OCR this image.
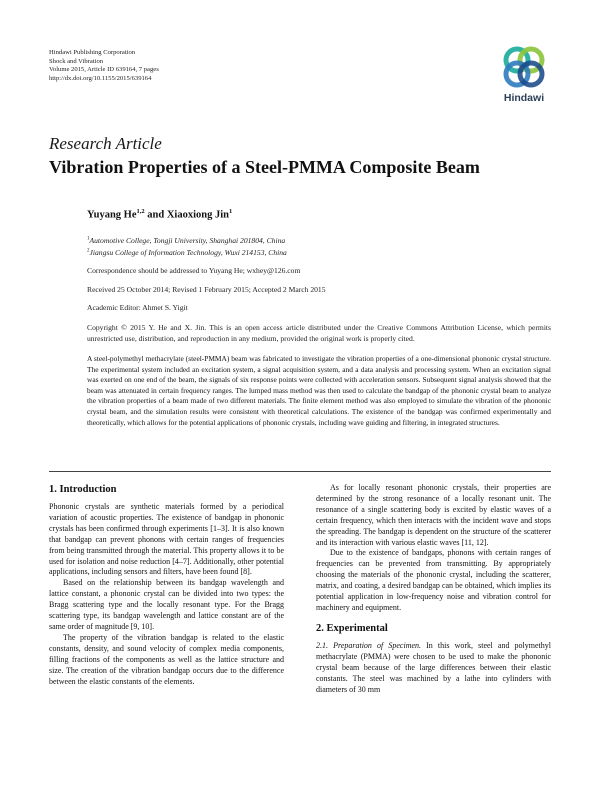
Hindawi Publishing Corporation
Shock and Vibration
Volume 2015, Article ID 639164, 7 pages
http://dx.doi.org/10.1155/2015/639164
Hindawi
Research Article
Vibration Properties of a Steel-PMMA Composite Beam
Yuyang He$^{1,2}$ and Xiaoxiong Jin$^1$
$^1$Automotive College, Tongji University, Shanghai 201804, China
$^2$Jiangsu College of Information Technology, Wuxi 214153, China
Correspondence should be addressed to Yuyang He; wxhey@126.com
Received 25 October 2014; Revised 1 February 2015; Accepted 2 March 2015
Academic Editor: Ahmet S. Yigit
Copyright © 2015 Y. He and X. Jin. This is an open access article distributed under the Creative Commons Attribution License, which permits unrestricted use, distribution, and reproduction in any medium, provided the original work is properly cited.
A steel-polymethyl methacrylate (steel-PMMA) beam was fabricated to investigate the vibration properties of a one-dimensional phononic crystal structure. The experimental system included an excitation system, a signal acquisition system, and a data analysis and processing system. When an excitation signal was exerted on one end of the beam, the signals of six response points were collected with acceleration sensors. Subsequent signal analysis showed that the beam was attenuated in certain frequency ranges. The lumped mass method was then used to calculate the bandgap of the phononic crystal beam to analyze the vibration properties of a beam made of two different materials. The finite element method was also employed to simulate the vibration of the phononic crystal beam, and the simulation results were consistent with theoretical calculations. The existence of the bandgap was confirmed experimentally and theoretically, which allows for the potential applications of phononic crystals, including wave guiding and filtering, in integrated structures.
1. Introduction

Phononic crystals are synthetic materials formed by a periodical variation of acoustic properties. The existence of bandgap in phononic crystals has been confirmed through experiments [1–3]. It is also known that bandgap can prevent phonons with certain ranges of frequencies from being transmitted through the material. This property allows it to be used for isolation and noise reduction [4–7]. Additionally, other potential applications, including sensors and filters, have been found [8].

Based on the relationship between its bandgap wavelength and lattice constant, a phononic crystal can be divided into two types: the Bragg scattering type and the locally resonant type. For the Bragg scattering type, its bandgap wavelength and lattice constant are of the same order of magnitude [9, 10].

The property of the vibration bandgap is related to the elastic constants, density, and sound velocity of complex media components, filling fractions of the components as well as the lattice structure and size. The creation of the vibration bandgap occurs due to the difference between the elastic constants of the elements.

As for locally resonant phononic crystals, their properties are determined by the strong resonance of a locally resonant unit. The resonance of a single scattering body is excited by elastic waves of a certain frequency, which then interacts with the incident wave and stops the spreading. The bandgap is dependent on the structure of the scatterer and its interaction with various elastic waves [11, 12].

Due to the existence of bandgaps, phonons with certain ranges of frequencies can be prevented from transmitting. By appropriately choosing the materials of the phononic crystal, including the scatterer, matrix, and coating, a desired bandgap can be obtained, which implies its potential application in low-frequency noise and vibration control for machinery and equipment.

2. Experimental

2.1. Preparation of Specimen. In this work, steel and polymethyl methacrylate (PMMA) were chosen to be used to make the phononic crystal beam because of the large differences between their elastic constants. The steel was machined by a lathe into cylinders with diameters of 30 mm
